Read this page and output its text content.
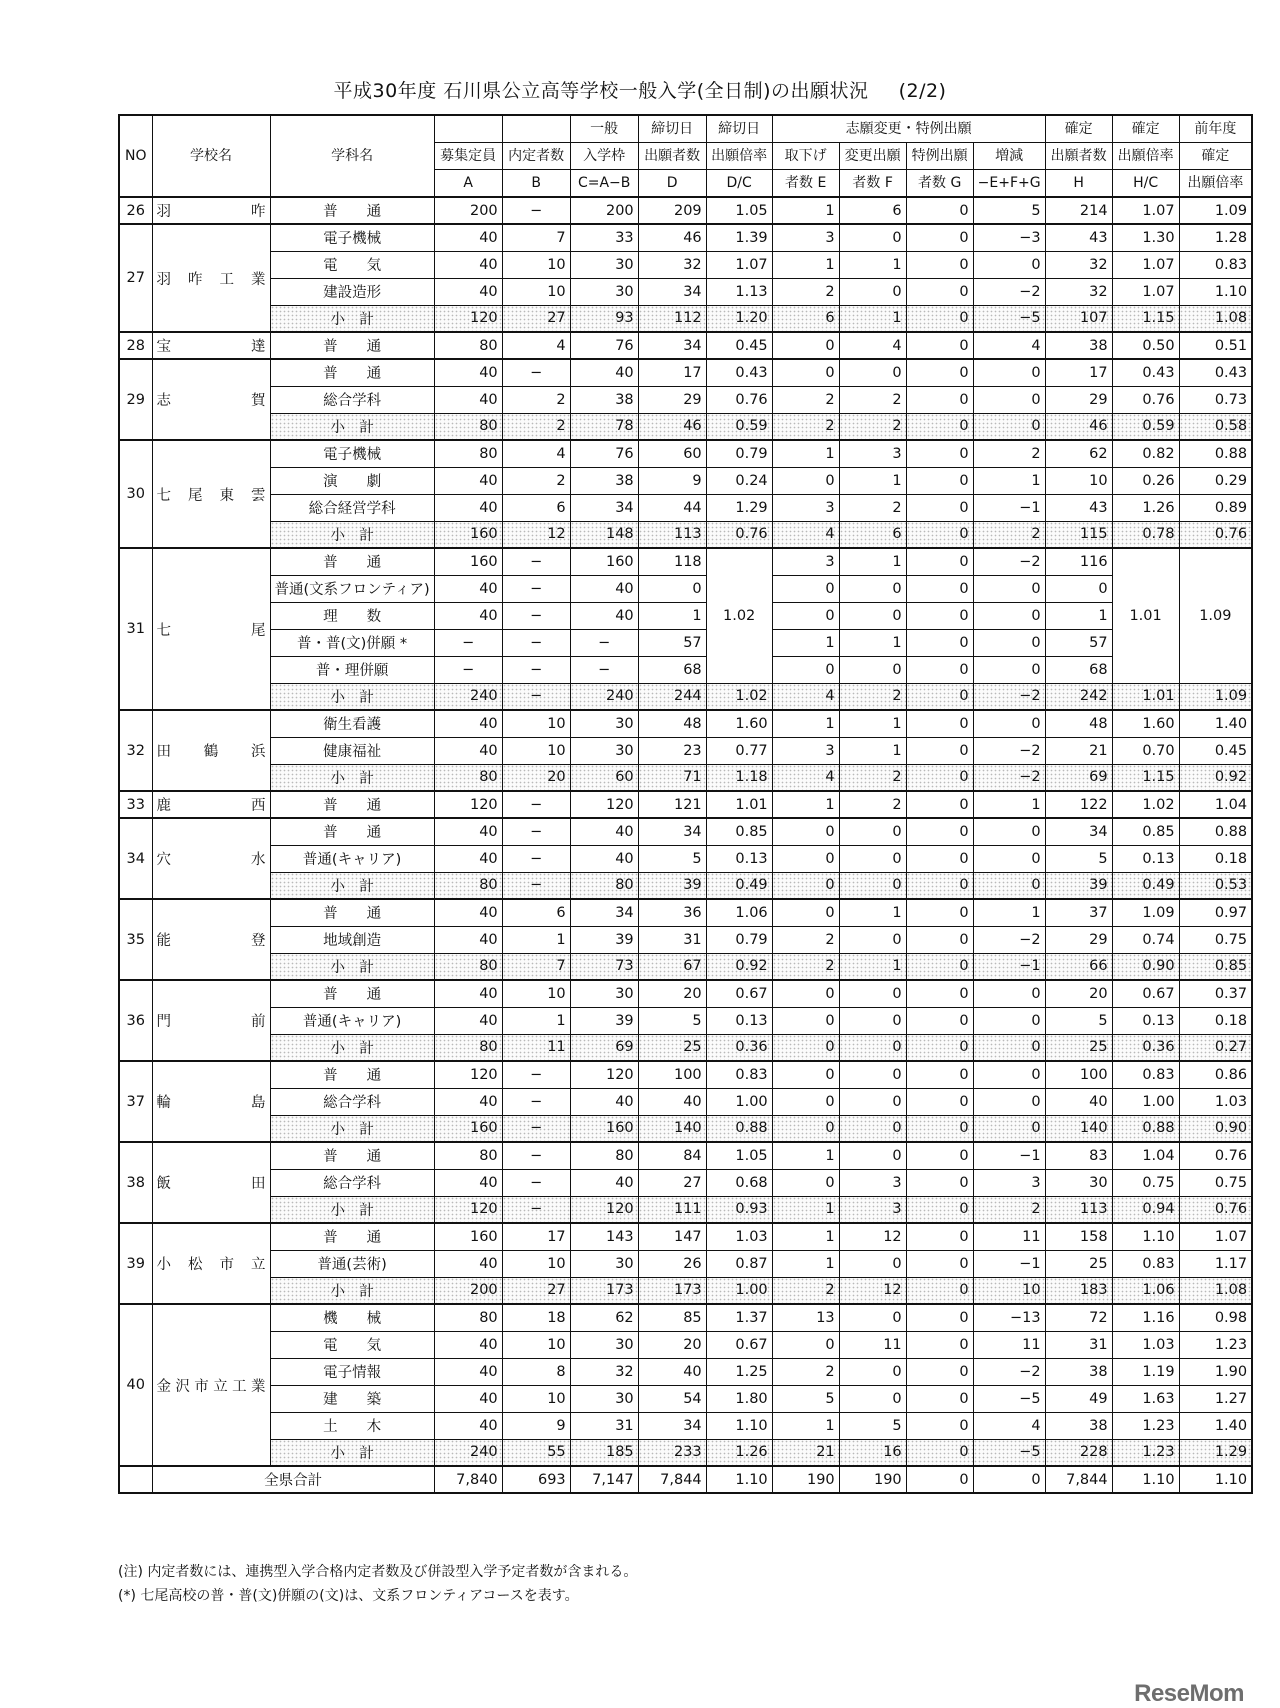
平成30年度 石川県公立高等学校一般入学(全日制)の出願状況 (2/2)
NO	学校名	学科名			一般	締切日	締切日	志願変更・特例出願				確定	確定	前年度
			募集定員	内定者数	入学枠	出願者数	出願倍率	取下げ	変更出願	特例出願	増減	出願者数	出願倍率	確定
			A	B	C=A−B	D	D/C	者数 E	者数 F	者数 G	−E+F+G	H	H/C	出願倍率
26	羽　　咋	普　　通	200	−	200	209	1.05	1	6	0	5	214	1.07	1.09
27	羽咋工業	電子機械	40	7	33	46	1.39	3	0	0	−3	43	1.30	1.28
		電　　気	40	10	30	32	1.07	1	1	0	0	32	1.07	0.83
		建設造形	40	10	30	34	1.13	2	0	0	−2	32	1.07	1.10
		小　計	120	27	93	112	1.20	6	1	0	−5	107	1.15	1.08
28	宝　　達	普　　通	80	4	76	34	0.45	0	4	0	4	38	0.50	0.51
29	志　　賀	普　　通	40	−	40	17	0.43	0	0	0	0	17	0.43	0.43
		総合学科	40	2	38	29	0.76	2	2	0	0	29	0.76	0.73
		小　計	80	2	78	46	0.59	2	2	0	0	46	0.59	0.58
30	七尾東雲	電子機械	80	4	76	60	0.79	1	3	0	2	62	0.82	0.88
		演　　劇	40	2	38	9	0.24	0	1	0	1	10	0.26	0.29
		総合経営学科	40	6	34	44	1.29	3	2	0	−1	43	1.26	0.89
		小　計	160	12	148	113	0.76	4	6	0	2	115	0.78	0.76
31	七　　尾	普　　通	160	−	160	118	1.02	3	1	0	−2	116	1.01	1.09
		普通(文系フロンティア)	40	−	40	0		0	0	0	0	0		
		理　　数	40	−	40	1		0	0	0	0	1		
		普・普(文)併願 *	−	−	−	57		1	1	0	0	57		
		普・理併願	−	−	−	68		0	0	0	0	68		
		小　計	240	−	240	244	1.02	4	2	0	−2	242	1.01	1.09
32	田鶴浜	衛生看護	40	10	30	48	1.60	1	1	0	0	48	1.60	1.40
		健康福祉	40	10	30	23	0.77	3	1	0	−2	21	0.70	0.45
		小　計	80	20	60	71	1.18	4	2	0	−2	69	1.15	0.92
33	鹿　　西	普　　通	120	−	120	121	1.01	1	2	0	1	122	1.02	1.04
34	穴　　水	普　　通	40	−	40	34	0.85	0	0	0	0	34	0.85	0.88
		普通(キャリア)	40	−	40	5	0.13	0	0	0	0	5	0.13	0.18
		小　計	80	−	80	39	0.49	0	0	0	0	39	0.49	0.53
35	能　　登	普　　通	40	6	34	36	1.06	0	1	0	1	37	1.09	0.97
		地域創造	40	1	39	31	0.79	2	0	0	−2	29	0.74	0.75
		小　計	80	7	73	67	0.92	2	1	0	−1	66	0.90	0.85
36	門　　前	普　　通	40	10	30	20	0.67	0	0	0	0	20	0.67	0.37
		普通(キャリア)	40	1	39	5	0.13	0	0	0	0	5	0.13	0.18
		小　計	80	11	69	25	0.36	0	0	0	0	25	0.36	0.27
37	輪　　島	普　　通	120	−	120	100	0.83	0	0	0	0	100	0.83	0.86
		総合学科	40	−	40	40	1.00	0	0	0	0	40	1.00	1.03
		小　計	160	−	160	140	0.88	0	0	0	0	140	0.88	0.90
38	飯　　田	普　　通	80	−	80	84	1.05	1	0	0	−1	83	1.04	0.76
		総合学科	40	−	40	27	0.68	0	3	0	3	30	0.75	0.75
		小　計	120	−	120	111	0.93	1	3	0	2	113	0.94	0.76
39	小松市立	普　　通	160	17	143	147	1.03	1	12	0	11	158	1.10	1.07
		普通(芸術)	40	10	30	26	0.87	1	0	0	−1	25	0.83	1.17
		小　計	200	27	173	173	1.00	2	12	0	10	183	1.06	1.08
40	金沢市立工業	機　　械	80	18	62	85	1.37	13	0	0	−13	72	1.16	0.98
		電　　気	40	10	30	20	0.67	0	11	0	11	31	1.03	1.23
		電子情報	40	8	32	40	1.25	2	0	0	−2	38	1.19	1.90
		建　　築	40	10	30	54	1.80	5	0	0	−5	49	1.63	1.27
		土　　木	40	9	31	34	1.10	1	5	0	4	38	1.23	1.40
		小　計	240	55	185	233	1.26	21	16	0	−5	228	1.23	1.29
	全県合計		7,840	693	7,147	7,844	1.10	190	190	0	0	7,844	1.10	1.10
(注) 内定者数には、連携型入学合格内定者数及び併設型入学予定者数が含まれる。
(*) 七尾高校の普・普(文)併願の(文)は、文系フロンティアコースを表す。
ReseMom
